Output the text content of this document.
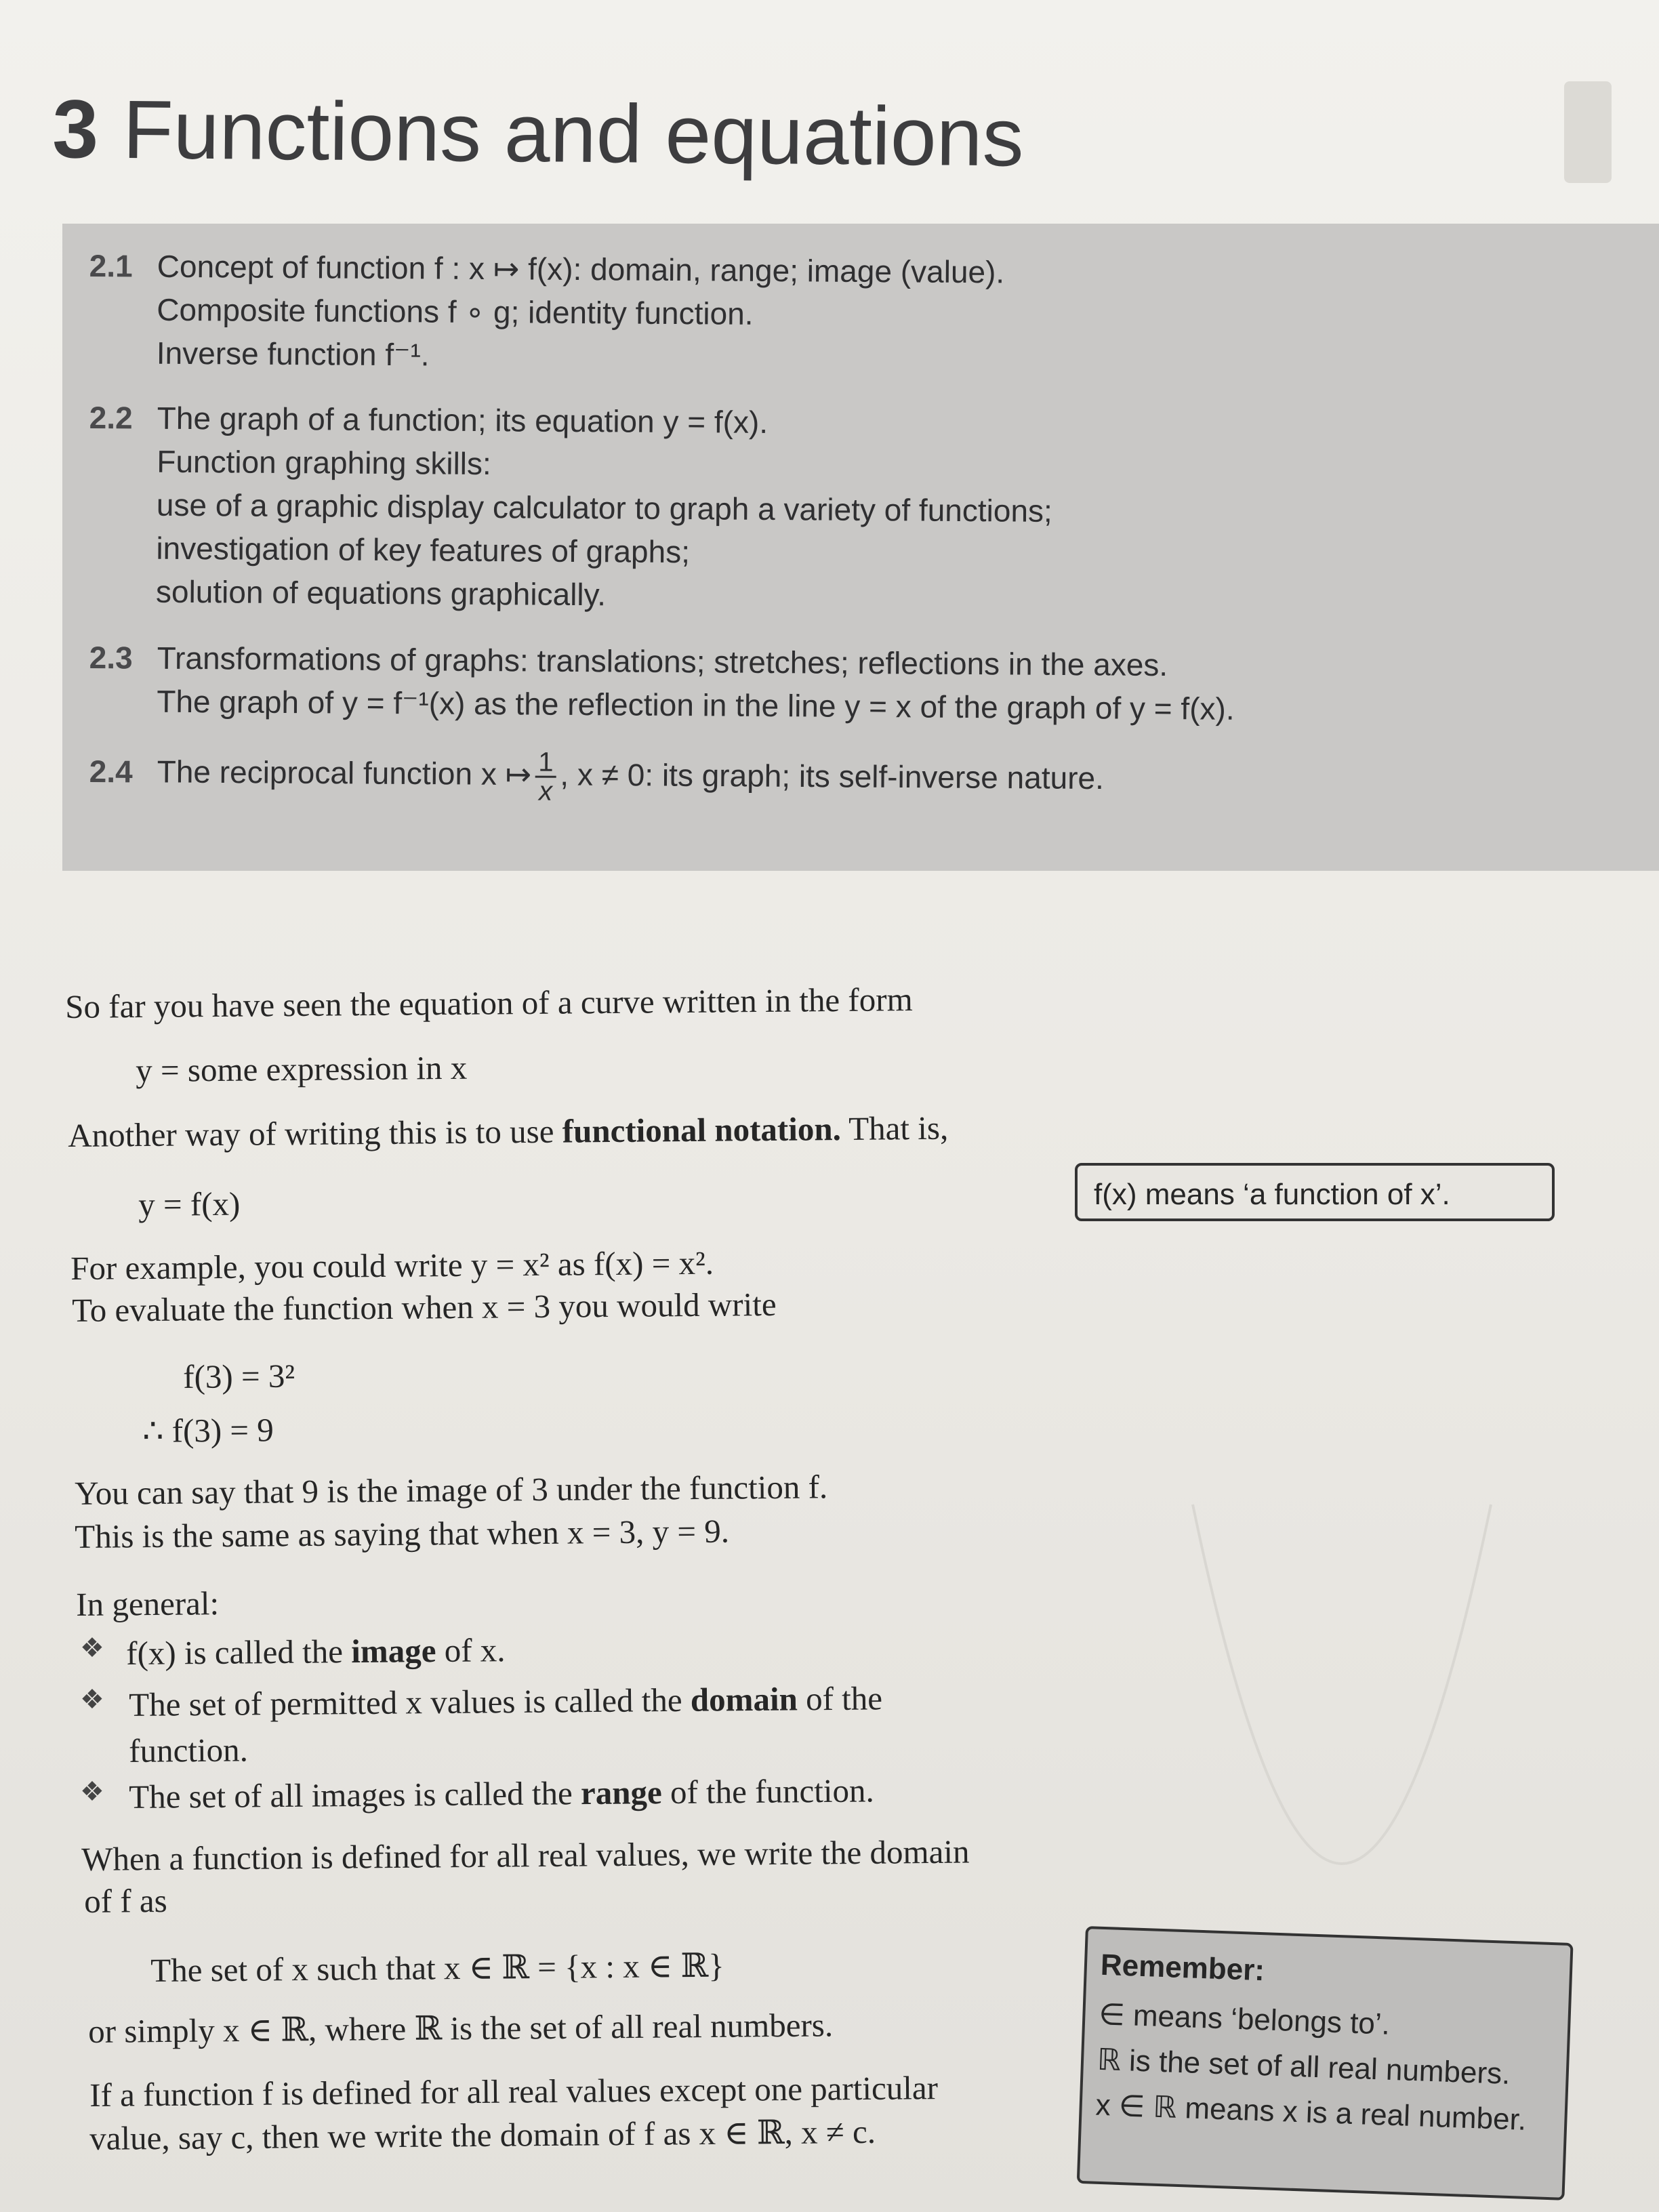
3 Functions and equations
2.1 Concept of function f : x ↦ f(x): domain, range; image (value).
Composite functions f ∘ g; identity function.
Inverse function f⁻¹.
2.2 The graph of a function; its equation y = f(x).
Function graphing skills:
use of a graphic display calculator to graph a variety of functions;
investigation of key features of graphs;
solution of equations graphically.
2.3 Transformations of graphs: translations; stretches; reflections in the axes.
The graph of y = f⁻¹(x) as the reflection in the line y = x of the graph of y = f(x).
2.4 The reciprocal function x ↦ $\frac{1}{x}$ , x ≠ 0: its graph; its self-inverse nature.
So far you have seen the equation of a curve written in the form
y = some expression in x
Another way of writing this is to use functional notation. That is,
y = f(x)
For example, you could write y = x² as f(x) = x².
To evaluate the function when x = 3 you would write
f(3) = 3²
∴ f(3) = 9
You can say that 9 is the image of 3 under the function f.
This is the same as saying that when x = 3, y = 9.
In general:
❖ f(x) is called the image of x.
❖ The set of permitted x values is called the domain of the
function.
❖ The set of all images is called the range of the function.
When a function is defined for all real values, we write the domain
of f as
The set of x such that x ∈ ℝ = {x : x ∈ ℝ}
or simply x ∈ ℝ, where ℝ is the set of all real numbers.
If a function f is defined for all real values except one particular
value, say c, then we write the domain of f as x ∈ ℝ, x ≠ c.
f(x) means ‘a function of x’.
Remember:
∈ means ‘belongs to’.
ℝ is the set of all real numbers.
x ∈ ℝ means x is a real number.
